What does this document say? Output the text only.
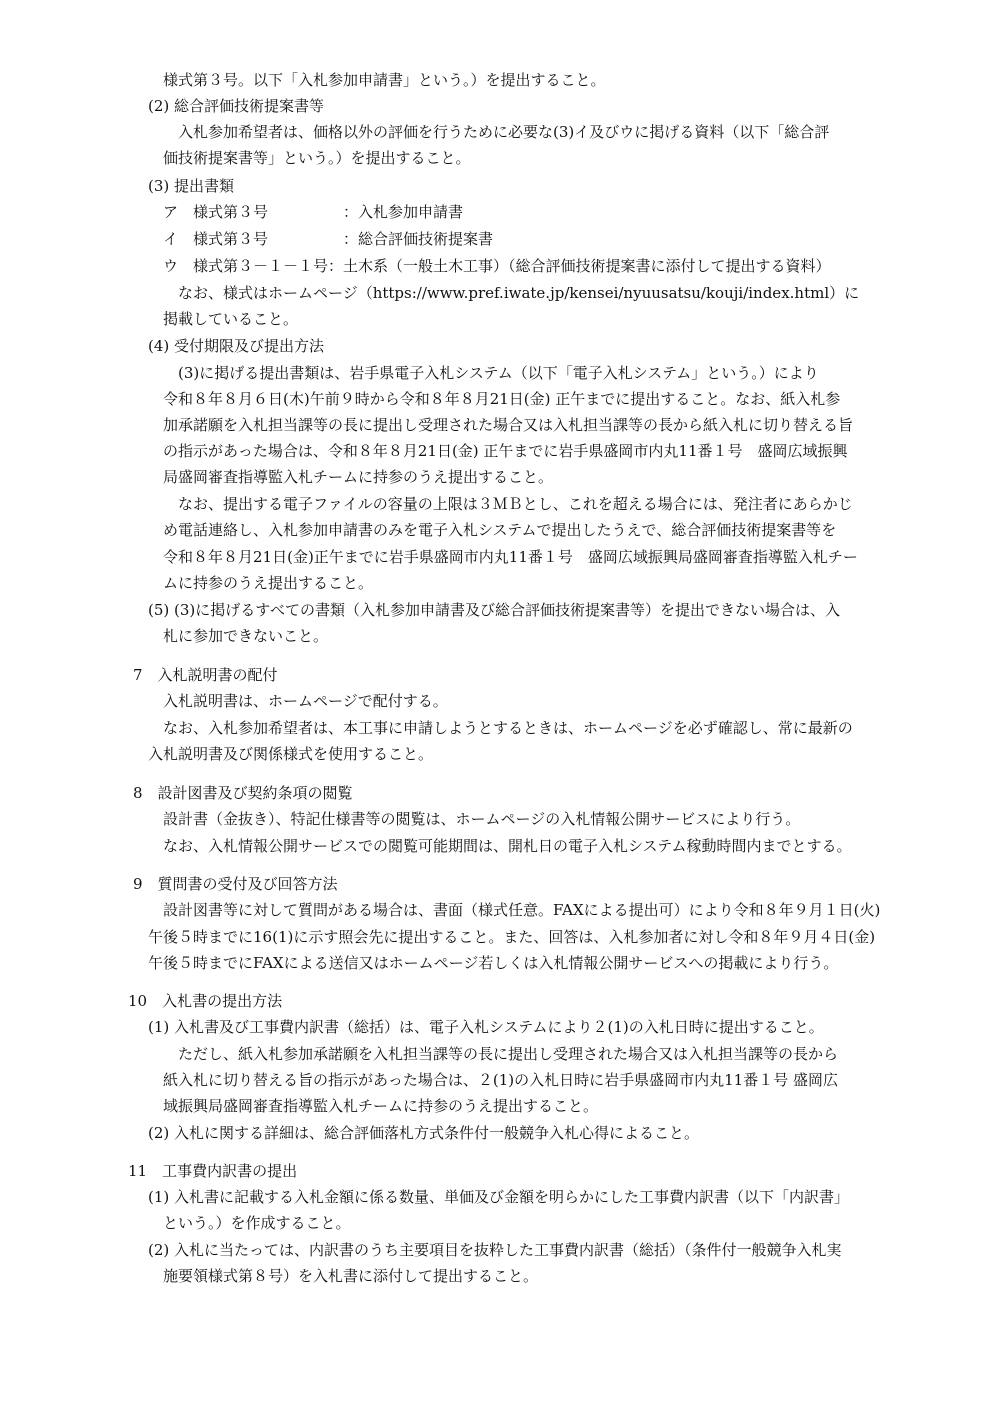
様式第３号。以下「入札参加申請書」という。）を提出すること。
(2) 総合評価技術提案書等
入札参加希望者は、価格以外の評価を行うために必要な(3)イ及びウに掲げる資料（以下「総合評
価技術提案書等」という。）を提出すること。
(3) 提出書類
ア　様式第３号　　　　　：入札参加申請書
イ　様式第３号　　　　　：総合評価技術提案書
ウ　様式第３－１－１号：土木系（一般土木工事）（総合評価技術提案書に添付して提出する資料）
なお、様式はホームページ（https://www.pref.iwate.jp/kensei/nyuusatsu/kouji/index.html）に
掲載していること。
(4) 受付期限及び提出方法
(3)に掲げる提出書類は、岩手県電子入札システム（以下「電子入札システム」という。）により
令和８年８月６日(木)午前９時から令和８年８月21日(金) 正午までに提出すること。なお、紙入札参
加承諾願を入札担当課等の長に提出し受理された場合又は入札担当課等の長から紙入札に切り替える旨
の指示があった場合は、令和８年８月21日(金) 正午までに岩手県盛岡市内丸11番１号　盛岡広域振興
局盛岡審査指導監入札チームに持参のうえ提出すること。
なお、提出する電子ファイルの容量の上限は３ＭＢとし、これを超える場合には、発注者にあらかじ
め電話連絡し、入札参加申請書のみを電子入札システムで提出したうえで、総合評価技術提案書等を
令和８年８月21日(金)正午までに岩手県盛岡市内丸11番１号　盛岡広域振興局盛岡審査指導監入札チー
ムに持参のうえ提出すること。
(5) (3)に掲げるすべての書類（入札参加申請書及び総合評価技術提案書等）を提出できない場合は、入
札に参加できないこと。
7　入札説明書の配付
入札説明書は、ホームページで配付する。
なお、入札参加希望者は、本工事に申請しようとするときは、ホームページを必ず確認し、常に最新の
入札説明書及び関係様式を使用すること。
8　設計図書及び契約条項の閲覧
設計書（金抜き）、特記仕様書等の閲覧は、ホームページの入札情報公開サービスにより行う。
なお、入札情報公開サービスでの閲覧可能期間は、開札日の電子入札システム稼動時間内までとする。
9　質問書の受付及び回答方法
設計図書等に対して質問がある場合は、書面（様式任意。FAXによる提出可）により令和８年９月１日(火)
午後５時までに16(1)に示す照会先に提出すること。また、回答は、入札参加者に対し令和８年９月４日(金)
午後５時までにFAXによる送信又はホームページ若しくは入札情報公開サービスへの掲載により行う。
10　入札書の提出方法
(1) 入札書及び工事費内訳書（総括）は、電子入札システムにより２(1)の入札日時に提出すること。
ただし、紙入札参加承諾願を入札担当課等の長に提出し受理された場合又は入札担当課等の長から
紙入札に切り替える旨の指示があった場合は、２(1)の入札日時に岩手県盛岡市内丸11番１号 盛岡広
域振興局盛岡審査指導監入札チームに持参のうえ提出すること。
(2) 入札に関する詳細は、総合評価落札方式条件付一般競争入札心得によること。
11　工事費内訳書の提出
(1) 入札書に記載する入札金額に係る数量、単価及び金額を明らかにした工事費内訳書（以下「内訳書」
という。）を作成すること。
(2) 入札に当たっては、内訳書のうち主要項目を抜粋した工事費内訳書（総括）（条件付一般競争入札実
施要領様式第８号）を入札書に添付して提出すること。
